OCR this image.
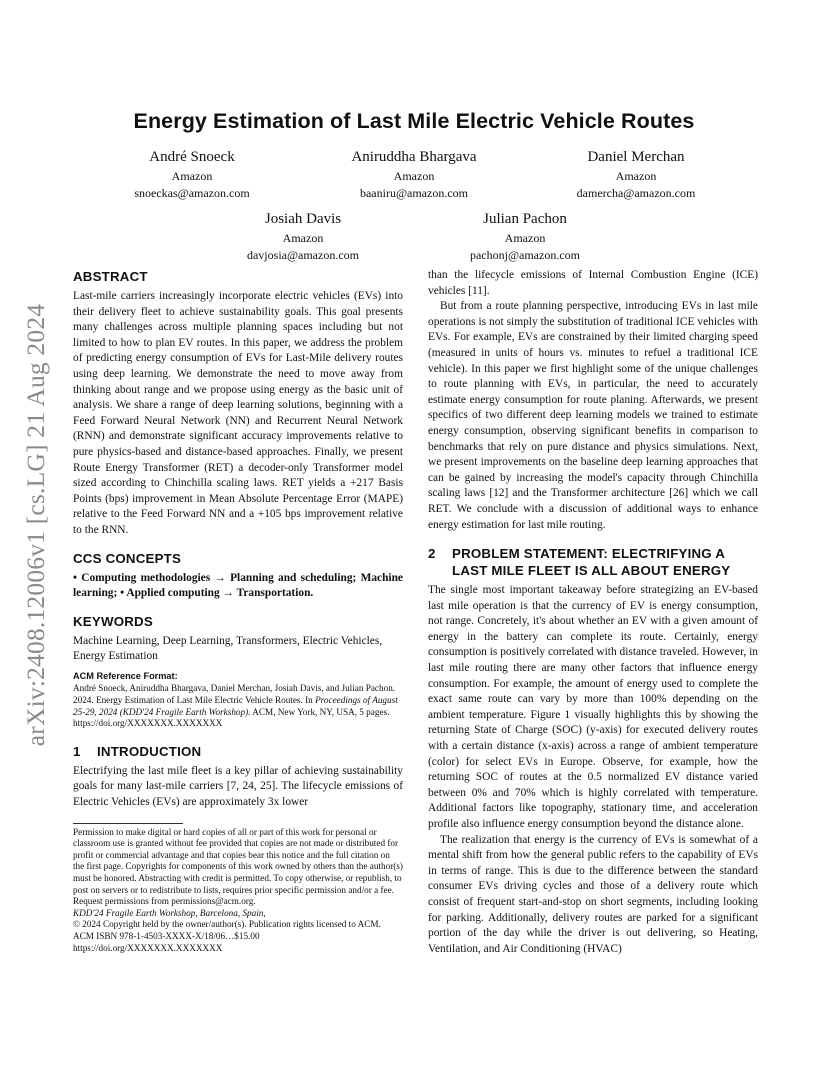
arXiv:2408.12006v1 [cs.LG] 21 Aug 2024
Energy Estimation of Last Mile Electric Vehicle Routes
André Snoeck
Amazon
snoeckas@amazon.com
Aniruddha Bhargava
Amazon
baaniru@amazon.com
Daniel Merchan
Amazon
damercha@amazon.com
Josiah Davis
Amazon
davjosia@amazon.com
Julian Pachon
Amazon
pachonj@amazon.com
ABSTRACT

Last-mile carriers increasingly incorporate electric vehicles (EVs) into their delivery fleet to achieve sustainability goals. This goal presents many challenges across multiple planning spaces including but not limited to how to plan EV routes. In this paper, we address the problem of predicting energy consumption of EVs for Last-Mile delivery routes using deep learning. We demonstrate the need to move away from thinking about range and we propose using energy as the basic unit of analysis. We share a range of deep learning solutions, beginning with a Feed Forward Neural Network (NN) and Recurrent Neural Network (RNN) and demonstrate significant accuracy improvements relative to pure physics-based and distance-based approaches. Finally, we present Route Energy Transformer (RET) a decoder-only Transformer model sized according to Chinchilla scaling laws. RET yields a +217 Basis Points (bps) improvement in Mean Absolute Percentage Error (MAPE) relative to the Feed Forward NN and a +105 bps improvement relative to the RNN.

CCS CONCEPTS

• Computing methodologies → Planning and scheduling; Machine learning; • Applied computing → Transportation.

KEYWORDS

Machine Learning, Deep Learning, Transformers, Electric Vehicles, Energy Estimation

ACM Reference Format:

André Snoeck, Aniruddha Bhargava, Daniel Merchan, Josiah Davis, and Julian Pachon. 2024. Energy Estimation of Last Mile Electric Vehicle Routes. In Proceedings of August 25-29, 2024 (KDD'24 Fragile Earth Workshop). ACM, New York, NY, USA, 5 pages. https://doi.org/XXXXXXX.XXXXXXX

1	INTRODUCTION

Electrifying the last mile fleet is a key pillar of achieving sustainability goals for many last-mile carriers [7, 24, 25]. The lifecycle emissions of Electric Vehicles (EVs) are approximately 3x lower

Permission to make digital or hard copies of all or part of this work for personal or classroom use is granted without fee provided that copies are not made or distributed for profit or commercial advantage and that copies bear this notice and the full citation on the first page. Copyrights for components of this work owned by others than the author(s) must be honored. Abstracting with credit is permitted. To copy otherwise, or republish, to post on servers or to redistribute to lists, requires prior specific permission and/or a fee. Request permissions from permissions@acm.org.

KDD'24 Fragile Earth Workshop, Barcelona, Spain,

© 2024 Copyright held by the owner/author(s). Publication rights licensed to ACM.

ACM ISBN 978-1-4503-XXXX-X/18/06…$15.00

https://doi.org/XXXXXXX.XXXXXXX

than the lifecycle emissions of Internal Combustion Engine (ICE) vehicles [11].

But from a route planning perspective, introducing EVs in last mile operations is not simply the substitution of traditional ICE vehicles with EVs. For example, EVs are constrained by their limited charging speed (measured in units of hours vs. minutes to refuel a traditional ICE vehicle). In this paper we first highlight some of the unique challenges to route planning with EVs, in particular, the need to accurately estimate energy consumption for route planing. Afterwards, we present specifics of two different deep learning models we trained to estimate energy consumption, observing significant benefits in comparison to benchmarks that rely on pure distance and physics simulations. Next, we present improvements on the baseline deep learning approaches that can be gained by increasing the model's capacity through Chinchilla scaling laws [12] and the Transformer architecture [26] which we call RET. We conclude with a discussion of additional ways to enhance energy estimation for last mile routing.

2	PROBLEM STATEMENT: ELECTRIFYING A LAST MILE FLEET IS ALL ABOUT ENERGY

The single most important takeaway before strategizing an EV-based last mile operation is that the currency of EV is energy consumption, not range. Concretely, it's about whether an EV with a given amount of energy in the battery can complete its route. Certainly, energy consumption is positively correlated with distance traveled. However, in last mile routing there are many other factors that influence energy consumption. For example, the amount of energy used to complete the exact same route can vary by more than 100% depending on the ambient temperature. Figure 1 visually highlights this by showing the returning State of Charge (SOC) (y-axis) for executed delivery routes with a certain distance (x-axis) across a range of ambient temperature (color) for select EVs in Europe. Observe, for example, how the returning SOC of routes at the 0.5 normalized EV distance varied between 0% and 70% which is highly correlated with temperature. Additional factors like topography, stationary time, and acceleration profile also influence energy consumption beyond the distance alone.

The realization that energy is the currency of EVs is somewhat of a mental shift from how the general public refers to the capability of EVs in terms of range. This is due to the difference between the standard consumer EVs driving cycles and those of a delivery route which consist of frequent start-and-stop on short segments, including looking for parking. Additionally, delivery routes are parked for a significant portion of the day while the driver is out delivering, so Heating, Ventilation, and Air Conditioning (HVAC)
